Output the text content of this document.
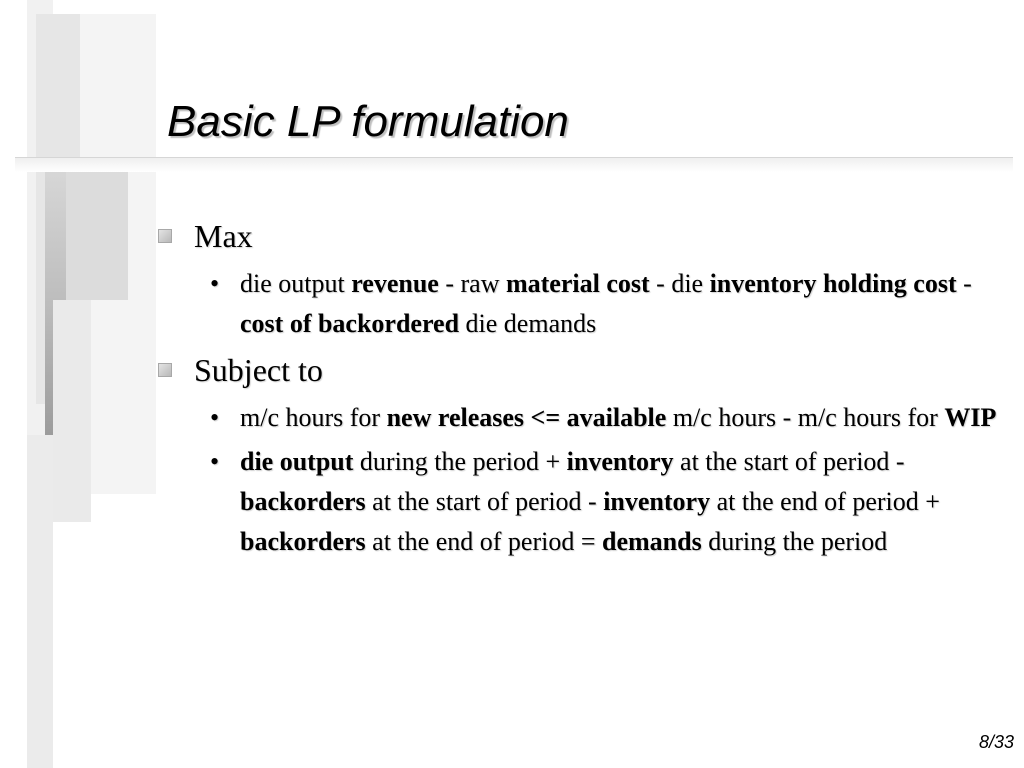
Basic LP formulation
Max
• die output revenue - raw material cost - die inventory holding cost - cost of backordered die demands
Subject to
• m/c hours for new releases <= available m/c hours - m/c hours for WIP
• die output during the period + inventory at the start of period - backorders at the start of period - inventory at the end of period + backorders at the end of period = demands during the period
8/33
